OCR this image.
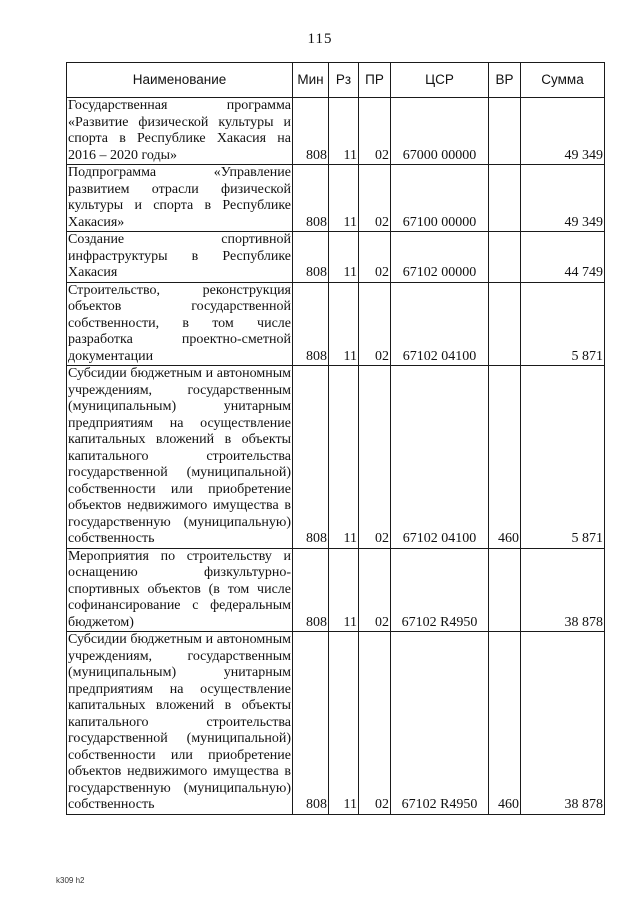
115
Наименование	Мин	Рз	ПР	ЦСР	ВР	Сумма
Государственная программа «Развитие физической культуры и спорта в Республике Хакасия на 2016 – 2020 годы»	808	11	02	67000 00000		49 349
Подпрограмма «Управление развитием отрасли физической культуры и спорта в Республике Хакасия»	808	11	02	67100 00000		49 349
Создание спортивной инфраструктуры в Республике Хакасия	808	11	02	67102 00000		44 749
Строительство, реконструкция объектов государственной собственности, в том числе разработка проектно-сметной документации	808	11	02	67102 04100		5 871
Субсидии бюджетным и автономным учреждениям, государственным (муниципальным) унитарным предприятиям на осуществление капитальных вложений в объекты капитального строительства государственной (муниципальной) собственности или приобретение объектов недвижимого имущества в государственную (муниципальную) собственность	808	11	02	67102 04100	460	5 871
Мероприятия по строительству и оснащению физкультурно-спортивных объектов (в том числе софинансирование с федеральным бюджетом)	808	11	02	67102 R4950		38 878
Субсидии бюджетным и автономным учреждениям, государственным (муниципальным) унитарным предприятиям на осуществление капитальных вложений в объекты капитального строительства государственной (муниципальной) собственности или приобретение объектов недвижимого имущества в государственную (муниципальную) собственность	808	11	02	67102 R4950	460	38 878
k309 h2
